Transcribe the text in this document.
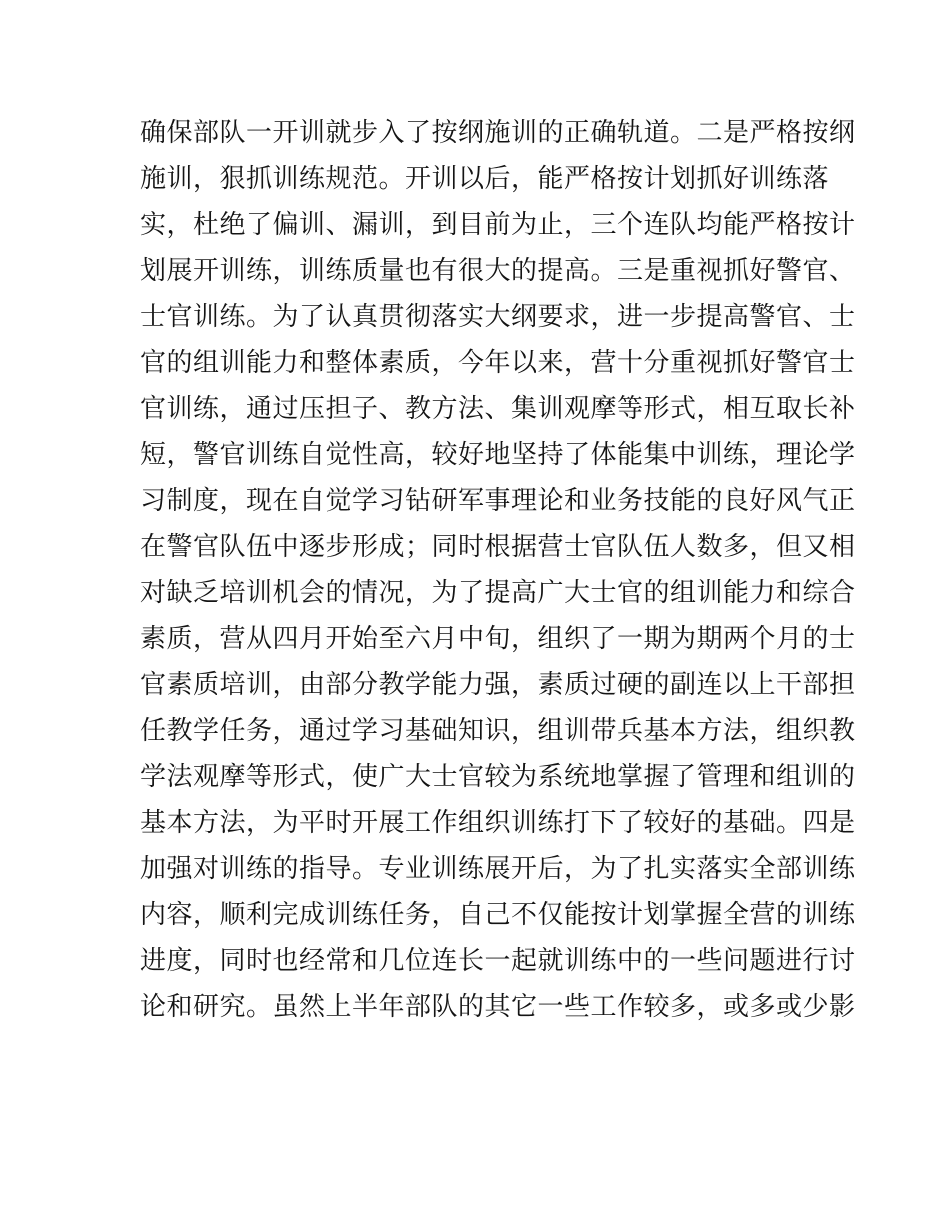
确保部队一开训就步入了按纲施训的正确轨道。二是严格按纲
施训，狠抓训练规范。开训以后，能严格按计划抓好训练落
实，杜绝了偏训、漏训，到目前为止，三个连队均能严格按计
划展开训练，训练质量也有很大的提高。三是重视抓好警官、
士官训练。为了认真贯彻落实大纲要求，进一步提高警官、士
官的组训能力和整体素质，今年以来，营十分重视抓好警官士
官训练，通过压担子、教方法、集训观摩等形式，相互取长补
短，警官训练自觉性高，较好地坚持了体能集中训练，理论学
习制度，现在自觉学习钻研军事理论和业务技能的良好风气正
在警官队伍中逐步形成；同时根据营士官队伍人数多，但又相
对缺乏培训机会的情况，为了提高广大士官的组训能力和综合
素质，营从四月开始至六月中旬，组织了一期为期两个月的士
官素质培训，由部分教学能力强，素质过硬的副连以上干部担
任教学任务，通过学习基础知识，组训带兵基本方法，组织教
学法观摩等形式，使广大士官较为系统地掌握了管理和组训的
基本方法，为平时开展工作组织训练打下了较好的基础。四是
加强对训练的指导。专业训练展开后，为了扎实落实全部训练
内容，顺利完成训练任务，自己不仅能按计划掌握全营的训练
进度，同时也经常和几位连长一起就训练中的一些问题进行讨
论和研究。虽然上半年部队的其它一些工作较多，或多或少影
